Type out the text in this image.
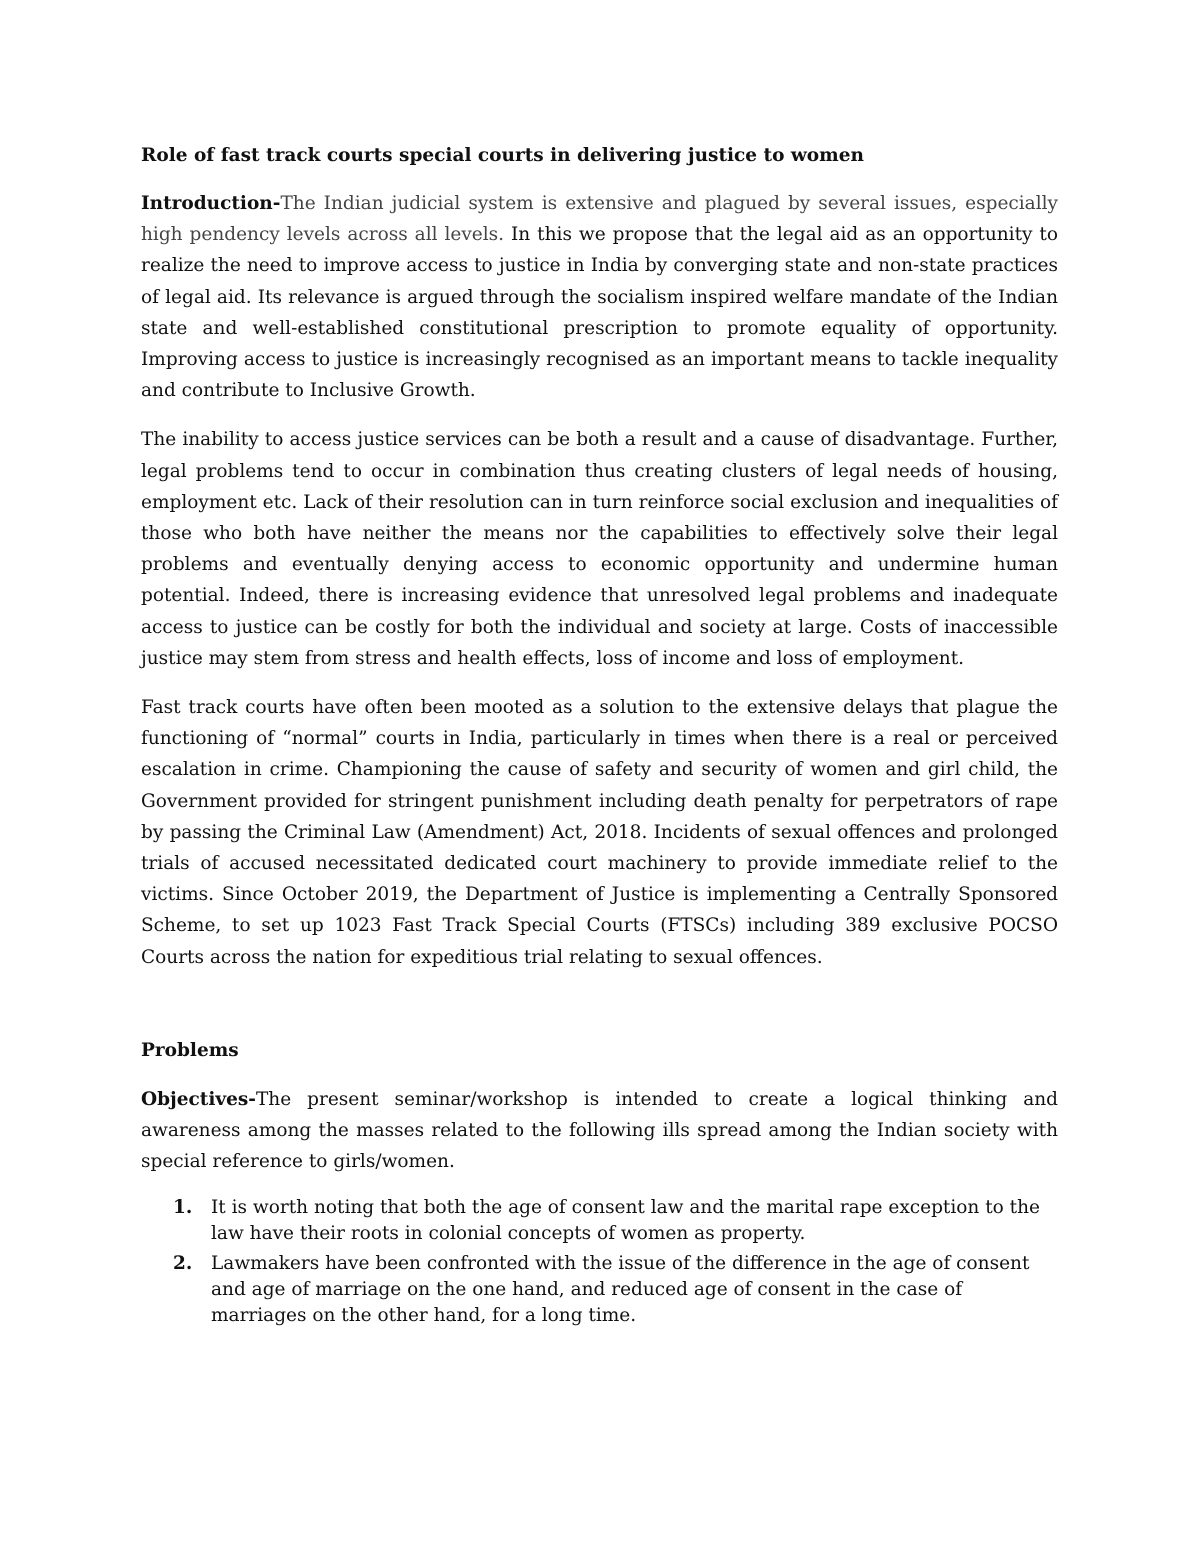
Role of fast track courts special courts in delivering justice to women

Introduction-The Indian judicial system is extensive and plagued by several issues, especially high pendency levels across all levels. In this we propose that the legal aid as an opportunity to realize the need to improve access to justice in India by converging state and non-state practices of legal aid. Its relevance is argued through the socialism inspired welfare mandate of the Indian state and well-established constitutional prescription to promote equality of opportunity. Improving access to justice is increasingly recognised as an important means to tackle inequality and contribute to Inclusive Growth.

The inability to access justice services can be both a result and a cause of disadvantage. Further, legal problems tend to occur in combination thus creating clusters of legal needs of housing, employment etc. Lack of their resolution can in turn reinforce social exclusion and inequalities of those who both have neither the means nor the capabilities to effectively solve their legal problems and eventually denying access to economic opportunity and undermine human potential. Indeed, there is increasing evidence that unresolved legal problems and inadequate access to justice can be costly for both the individual and society at large. Costs of inaccessible justice may stem from stress and health effects, loss of income and loss of employment.

Fast track courts have often been mooted as a solution to the extensive delays that plague the functioning of “normal” courts in India, particularly in times when there is a real or perceived escalation in crime. Championing the cause of safety and security of women and girl child, the Government provided for stringent punishment including death penalty for perpetrators of rape by passing the Criminal Law (Amendment) Act, 2018. Incidents of sexual offences and prolonged trials of accused necessitated dedicated court machinery to provide immediate relief to the victims. Since October 2019, the Department of Justice is implementing a Centrally Sponsored Scheme, to set up 1023 Fast Track Special Courts (FTSCs) including 389 exclusive POCSO Courts across the nation for expeditious trial relating to sexual offences.

Problems

Objectives-The present seminar/workshop is intended to create a logical thinking and awareness among the masses related to the following ills spread among the Indian society with special reference to girls/women.

1. It is worth noting that both the age of consent law and the marital rape exception to the law have their roots in colonial concepts of women as property.
2. Lawmakers have been confronted with the issue of the difference in the age of consent and age of marriage on the one hand, and reduced age of consent in the case of marriages on the other hand, for a long time.
